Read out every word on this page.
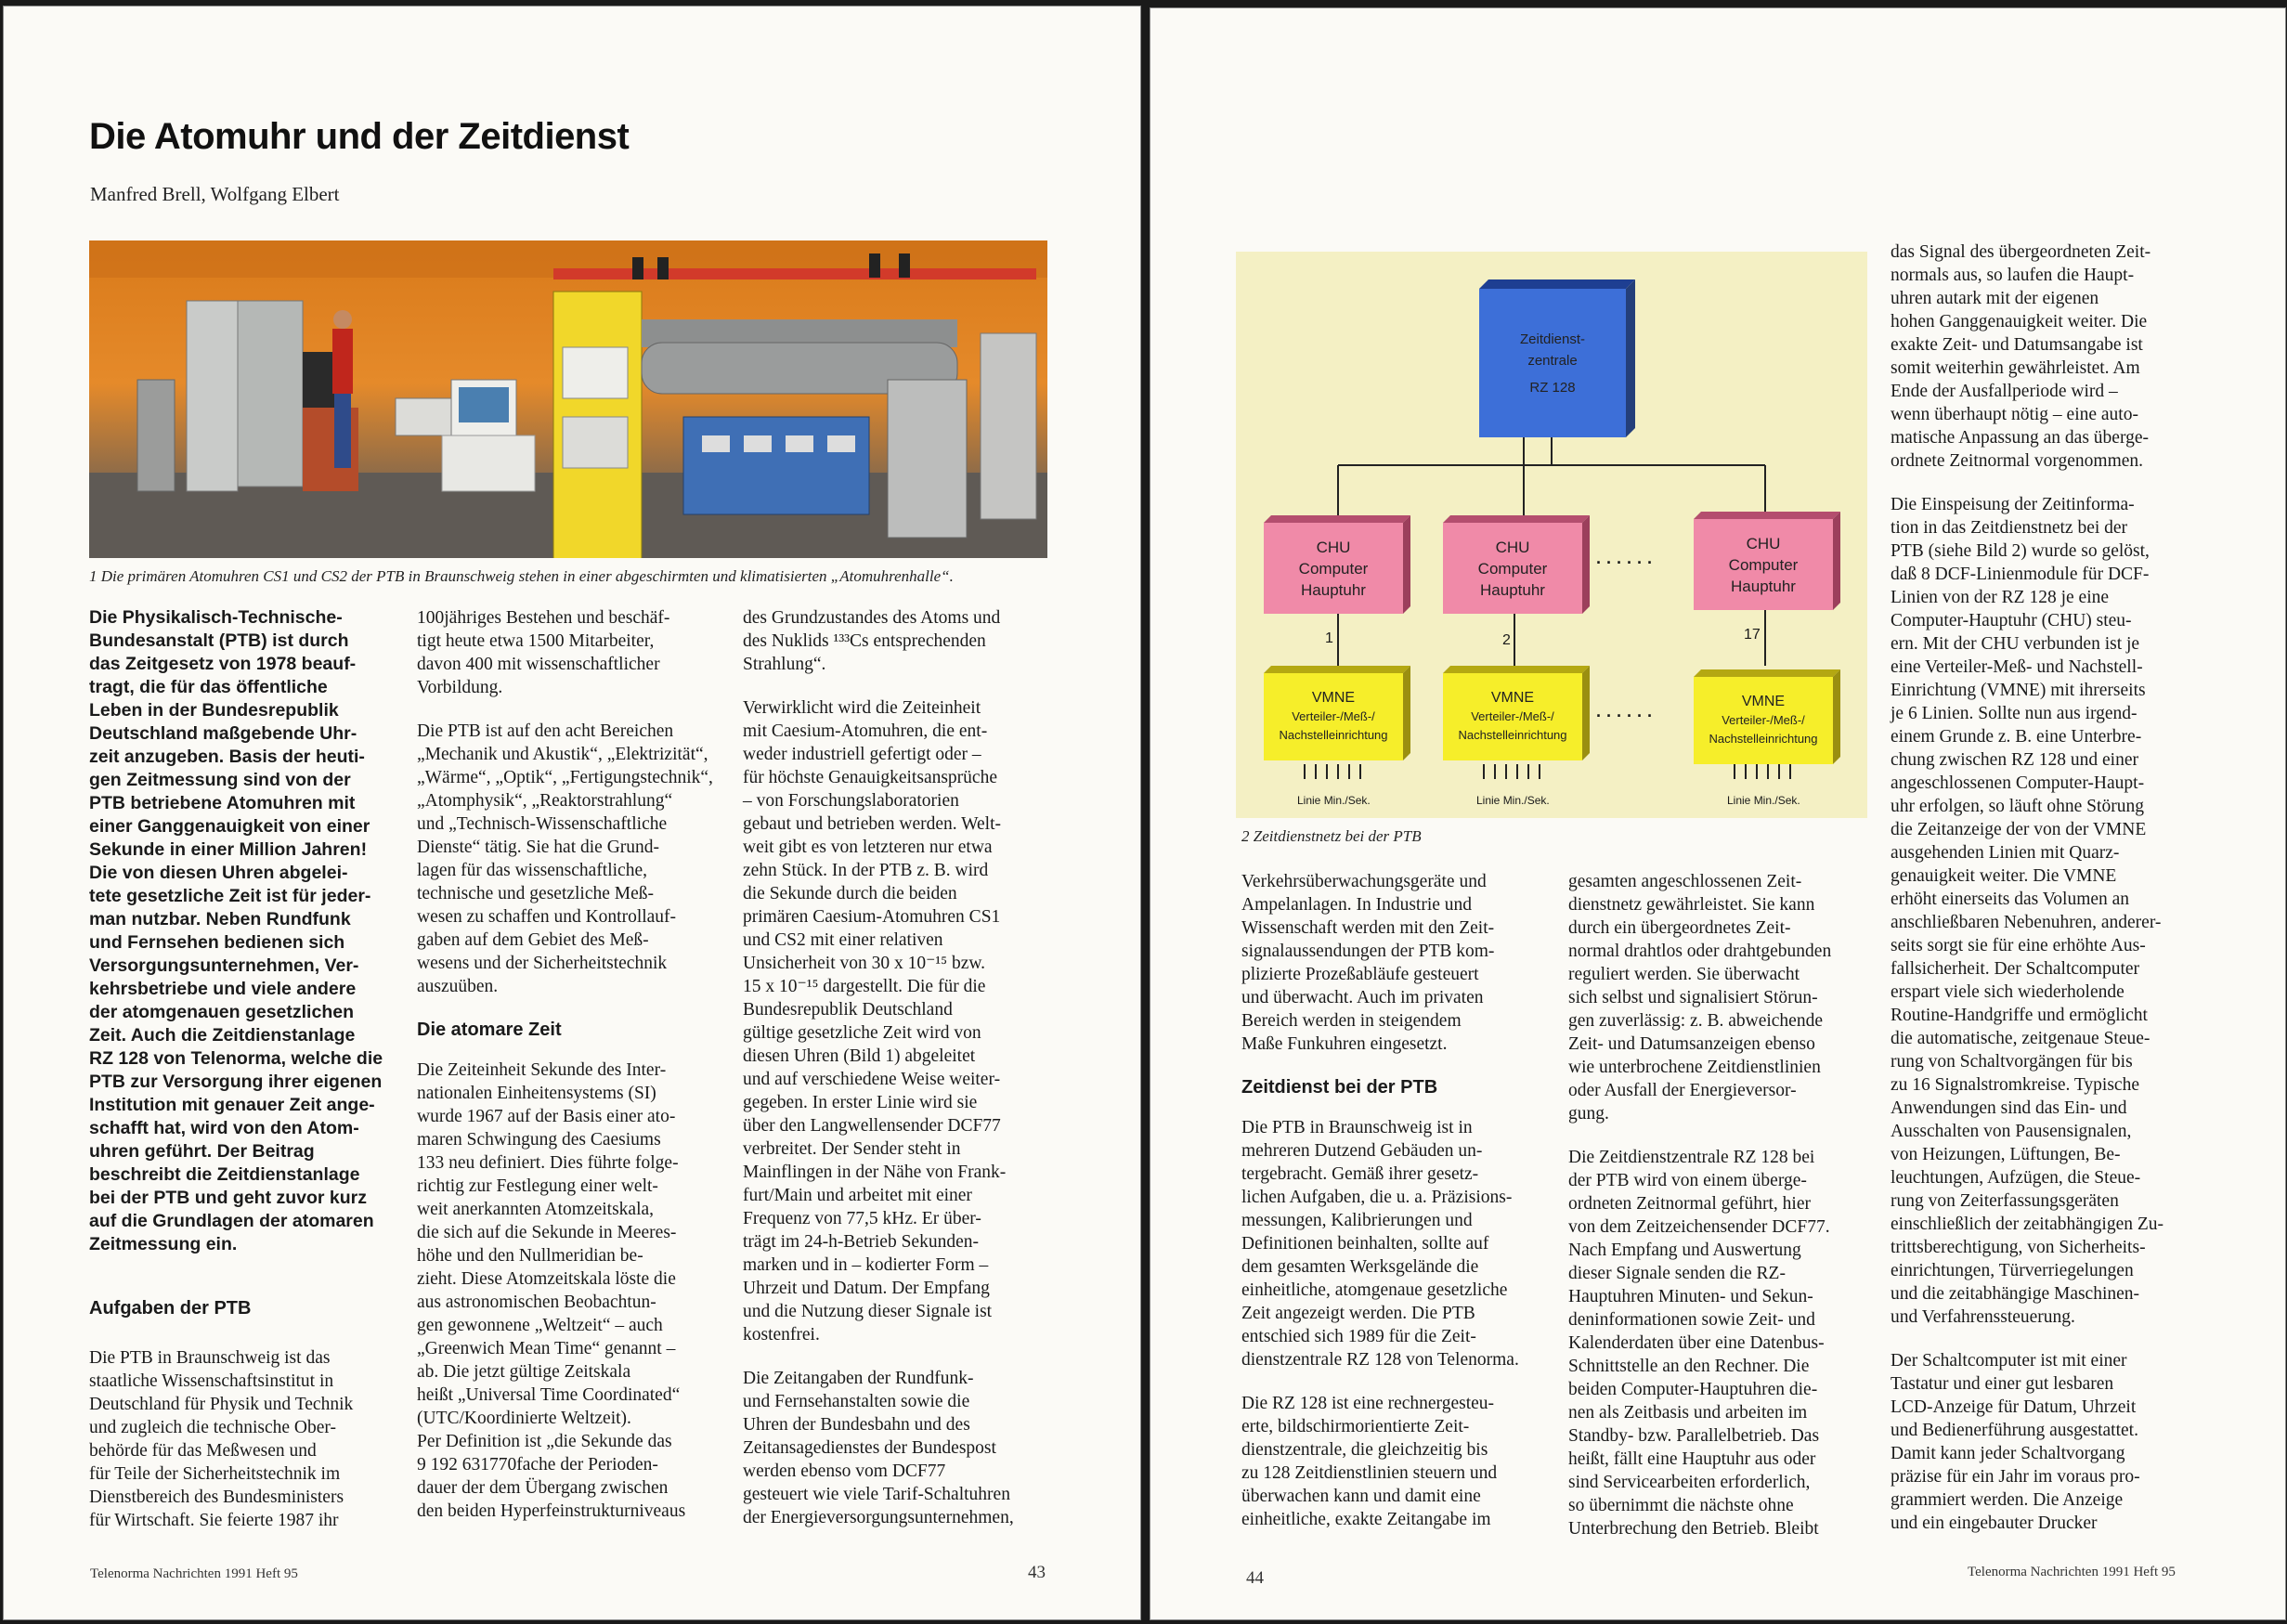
Die Atomuhr und der Zeitdienst
Manfred Brell, Wolfgang Elbert
1 Die primären Atomuhren CS1 und CS2 der PTB in Braunschweig stehen in einer abgeschirmten und klimatisierten „Atomuhrenhalle“.
Die Physikalisch-Technische-
Bundesanstalt (PTB) ist durch
das Zeitgesetz von 1978 beauf-
tragt, die für das öffentliche
Leben in der Bundesrepublik
Deutschland maßgebende Uhr-
zeit anzugeben. Basis der heuti-
gen Zeitmessung sind von der
PTB betriebene Atomuhren mit
einer Ganggenauigkeit von einer
Sekunde in einer Million Jahren!
Die von diesen Uhren abgelei-
tete gesetzliche Zeit ist für jeder-
man nutzbar. Neben Rundfunk
und Fernsehen bedienen sich
Versorgungsunternehmen, Ver-
kehrsbetriebe und viele andere
der atomgenauen gesetzlichen
Zeit. Auch die Zeitdienstanlage
RZ 128 von Telenorma, welche die
PTB zur Versorgung ihrer eigenen
Institution mit genauer Zeit ange-
schafft hat, wird von den Atom-
uhren geführt. Der Beitrag
beschreibt die Zeitdienstanlage
bei der PTB und geht zuvor kurz
auf die Grundlagen der atomaren
Zeitmessung ein.
Aufgaben der PTB

Die PTB in Braunschweig ist das
staatliche Wissenschaftsinstitut in
Deutschland für Physik und Technik
und zugleich die technische Ober-
behörde für das Meßwesen und
für Teile der Sicherheitstechnik im
Dienstbereich des Bundesministers
für Wirtschaft. Sie feierte 1987 ihr

100jähriges Bestehen und beschäf-
tigt heute etwa 1500 Mitarbeiter,
davon 400 mit wissenschaftlicher
Vorbildung.

Die PTB ist auf den acht Bereichen
„Mechanik und Akustik“, „Elektrizität“,
„Wärme“, „Optik“, „Fertigungstechnik“,
„Atomphysik“, „Reaktorstrahlung“
und „Technisch-Wissenschaftliche
Dienste“ tätig. Sie hat die Grund-
lagen für das wissenschaftliche,
technische und gesetzliche Meß-
wesen zu schaffen und Kontrollauf-
gaben auf dem Gebiet des Meß-
wesens und der Sicherheitstechnik
auszuüben.

Die atomare Zeit

Die Zeiteinheit Sekunde des Inter-
nationalen Einheitensystems (SI)
wurde 1967 auf der Basis einer ato-
maren Schwingung des Caesiums
133 neu definiert. Dies führte folge-
richtig zur Festlegung einer welt-
weit anerkannten Atomzeitskala,
die sich auf die Sekunde in Meeres-
höhe und den Nullmeridian be-
zieht. Diese Atomzeitskala löste die
aus astronomischen Beobachtun-
gen gewonnene „Weltzeit“ – auch
„Greenwich Mean Time“ genannt –
ab. Die jetzt gültige Zeitskala
heißt „Universal Time Coordinated“
(UTC/Koordinierte Weltzeit).
Per Definition ist „die Sekunde das
9 192 631770fache der Perioden-
dauer der dem Übergang zwischen
den beiden Hyperfeinstrukturniveaus

des Grundzustandes des Atoms und
des Nuklids ¹³³Cs entsprechenden
Strahlung“.

Verwirklicht wird die Zeiteinheit
mit Caesium-Atomuhren, die ent-
weder industriell gefertigt oder –
für höchste Genauigkeitsansprüche
– von Forschungslaboratorien
gebaut und betrieben werden. Welt-
weit gibt es von letzteren nur etwa
zehn Stück. In der PTB z. B. wird
die Sekunde durch die beiden
primären Caesium-Atomuhren CS1
und CS2 mit einer relativen
Unsicherheit von 30 x 10⁻¹⁵ bzw.
15 x 10⁻¹⁵ dargestellt. Die für die
Bundesrepublik Deutschland
gültige gesetzliche Zeit wird von
diesen Uhren (Bild 1) abgeleitet
und auf verschiedene Weise weiter-
gegeben. In erster Linie wird sie
über den Langwellensender DCF77
verbreitet. Der Sender steht in
Mainflingen in der Nähe von Frank-
furt/Main und arbeitet mit einer
Frequenz von 77,5 kHz. Er über-
trägt im 24-h-Betrieb Sekunden-
marken und in – kodierter Form –
Uhrzeit und Datum. Der Empfang
und die Nutzung dieser Signale ist
kostenfrei.

Die Zeitangaben der Rundfunk-
und Fernsehanstalten sowie die
Uhren der Bundesbahn und des
Zeitansagedienstes der Bundespost
werden ebenso vom DCF77
gesteuert wie viele Tarif-Schaltuhren
der Energieversorgungsunternehmen,

Telenorma Nachrichten 1991 Heft 95	43
Zeitdienst-
zentrale
RZ 128
CHU
Computer
Hauptuhr
CHU
Computer
Hauptuhr
CHU
Computer
Hauptuhr
· · · · · ·
· · · · · ·
1	2	17
VMNE
Verteiler-/Meß-/
Nachstelleinrichtung
VMNE
Verteiler-/Meß-/
Nachstelleinrichtung
VMNE
Verteiler-/Meß-/
Nachstelleinrichtung
Linie Min./Sek.	Linie Min./Sek.	Linie Min./Sek.
2 Zeitdienstnetz bei der PTB

Verkehrsüberwachungsgeräte und
Ampelanlagen. In Industrie und
Wissenschaft werden mit den Zeit-
signalaussendungen der PTB kom-
plizierte Prozeßabläufe gesteuert
und überwacht. Auch im privaten
Bereich werden in steigendem
Maße Funkuhren eingesetzt.

Zeitdienst bei der PTB

Die PTB in Braunschweig ist in
mehreren Dutzend Gebäuden un-
tergebracht. Gemäß ihrer gesetz-
lichen Aufgaben, die u. a. Präzisions-
messungen, Kalibrierungen und
Definitionen beinhalten, sollte auf
dem gesamten Werksgelände die
einheitliche, atomgenaue gesetzliche
Zeit angezeigt werden. Die PTB
entschied sich 1989 für die Zeit-
dienstzentrale RZ 128 von Telenorma.

Die RZ 128 ist eine rechnergesteu-
erte, bildschirmorientierte Zeit-
dienstzentrale, die gleichzeitig bis
zu 128 Zeitdienstlinien steuern und
überwachen kann und damit eine
einheitliche, exakte Zeitangabe im

gesamten angeschlossenen Zeit-
dienstnetz gewährleistet. Sie kann
durch ein übergeordnetes Zeit-
normal drahtlos oder drahtgebunden
reguliert werden. Sie überwacht
sich selbst und signalisiert Störun-
gen zuverlässig: z. B. abweichende
Zeit- und Datumsanzeigen ebenso
wie unterbrochene Zeitdienstlinien
oder Ausfall der Energieversor-
gung.

Die Zeitdienstzentrale RZ 128 bei
der PTB wird von einem überge-
ordneten Zeitnormal geführt, hier
von dem Zeitzeichensender DCF77.
Nach Empfang und Auswertung
dieser Signale senden die RZ-
Hauptuhren Minuten- und Sekun-
deninformationen sowie Zeit- und
Kalenderdaten über eine Datenbus-
Schnittstelle an den Rechner. Die
beiden Computer-Hauptuhren die-
nen als Zeitbasis und arbeiten im
Standby- bzw. Parallelbetrieb. Das
heißt, fällt eine Hauptuhr aus oder
sind Servicearbeiten erforderlich,
so übernimmt die nächste ohne
Unterbrechung den Betrieb. Bleibt

das Signal des übergeordneten Zeit-
normals aus, so laufen die Haupt-
uhren autark mit der eigenen
hohen Ganggenauigkeit weiter. Die
exakte Zeit- und Datumsangabe ist
somit weiterhin gewährleistet. Am
Ende der Ausfallperiode wird –
wenn überhaupt nötig – eine auto-
matische Anpassung an das überge-
ordnete Zeitnormal vorgenommen.

Die Einspeisung der Zeitinforma-
tion in das Zeitdienstnetz bei der
PTB (siehe Bild 2) wurde so gelöst,
daß 8 DCF-Linienmodule für DCF-
Linien von der RZ 128 je eine
Computer-Hauptuhr (CHU) steu-
ern. Mit der CHU verbunden ist je
eine Verteiler-Meß- und Nachstell-
Einrichtung (VMNE) mit ihrerseits
je 6 Linien. Sollte nun aus irgend-
einem Grunde z. B. eine Unterbre-
chung zwischen RZ 128 und einer
angeschlossenen Computer-Haupt-
uhr erfolgen, so läuft ohne Störung
die Zeitanzeige der von der VMNE
ausgehenden Linien mit Quarz-
genauigkeit weiter. Die VMNE
erhöht einerseits das Volumen an
anschließbaren Nebenuhren, anderer-
seits sorgt sie für eine erhöhte Aus-
fallsicherheit. Der Schaltcomputer
erspart viele sich wiederholende
Routine-Handgriffe und ermöglicht
die automatische, zeitgenaue Steue-
rung von Schaltvorgängen für bis
zu 16 Signalstromkreise. Typische
Anwendungen sind das Ein- und
Ausschalten von Pausensignalen,
von Heizungen, Lüftungen, Be-
leuchtungen, Aufzügen, die Steue-
rung von Zeiterfassungsgeräten
einschließlich der zeitabhängigen Zu-
trittsberechtigung, von Sicherheits-
einrichtungen, Türverriegelungen
und die zeitabhängige Maschinen-
und Verfahrenssteuerung.

Der Schaltcomputer ist mit einer
Tastatur und einer gut lesbaren
LCD-Anzeige für Datum, Uhrzeit
und Bedienerführung ausgestattet.
Damit kann jeder Schaltvorgang
präzise für ein Jahr im voraus pro-
grammiert werden. Die Anzeige
und ein eingebauter Drucker

44	Telenorma Nachrichten 1991 Heft 95
